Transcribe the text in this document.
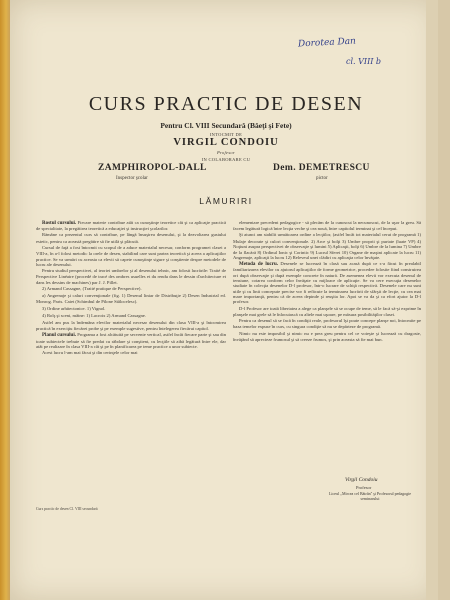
Dorotea Dan
cl. VIII b
CURS PRACTIC DE DESEN
Pentru Cl. VIII Secundară (Băeţi şi Fete)
INTOCMIT DE
VIRGIL CONDOIU
Profesor
IN COLABORARE CU
ZAMPHIROPOL-DALL
Inspector şcolar
Dem. DEMETRESCU
pictor
LĂMURIRI

Rostul cursului. Fiecare materie contribue atât ca cunoştinţe teoretice cât şi ca aplicaţie practică de specialitate, la pregătirea teoretică a educaţiei şi instrucţiei şcolarilor.

Rămâne ca prezentul curs să contribue, pe lângă însuşirea desenului, şi la dezvoltarea gustului estetic, pentru ca această pregătire să fie utilă şi plăcută.

Cursul de faţă a fost întocmit cu scopul de a aduce materialul necesar, conform programei clasei a VIII-a, în a-l folosi metodic la orele de desen, stabilind care sunt partea teoretică şi aceea a aplicaţiilor practice. Se va urmări cu aceasta ca elevii să capete cunoştinţe sigure şi conştiente despre metodele de lucru ale desenului.

Pentru studiul perspectivei, al teoriei umbrelor şi al desenului tehnic, am folosit lucrările: Traité de Perspective Linéaire (procedé de tracé des ombres usuelles et du rendu dans le dessin d'architecture et dans les dessins de machines) par J. J. Pillet.

2) Armand Cassagne, (Traité pratique de Perspective).

a) Angrenaje şi caluri convenţionale (fig. 1) Desenul liniar de Distribuţie 2) Desen Industrial ed. Monrog. Paris. Caiet (Schimbul de Pilone Stâlocelesc).

3) Ordine arhitectonice. 1) Vignol.

4) Rolş şi sceni, mâine: 1) Lacroix 2) Armand Cassagne.

Astfel am pus la îndemâna elevilor materialul necesar desenului din clasa VIII-a şi întocmirea practică în exerciţiu fiecărei probe şi pe exemple sugestive, pentru întelegerea fiecărui capitol.

Planul cursului. Programa a fost alcătuită pe secvente vertical, astfel încât fiecare parte şi sau din toate subiectele trebuie să fie predat cu răbdare şi conştient, cu lecţiile să aibă legătură între ele, dar atât pe realizare în clasa VIII-a cât şi pe în planificarea pe teme practice a unor subiecte.

Acest lucru l-am mai făcut şi din cerinţele celor mai

elementare precedent pedagogice - să plecăm de la cunoscut la necunoscut, de la uşor la greu. Să facem legătură logică între lecţia veche şi cea nouă, între capitolul terminat şi cel început.

Şi atunci am stabilit următoarea ordine a lecţiilor, (astfel încât tot materialul cerut de programă 1) Mulaje decorate şi culori convenţionale. 2) Arce şi bolţi 3) Umbre proprii şi purtate (luate VP) 4) Noţiuni asupra perspectivei de observaţie şi lumini 5) Aplicaţii, bolţi 6) Umbre de la lumina 7) Umbre de la flacără 8) Ordinul Ionic şi Corintic 9) Lucrul Sferei 10) Organe de maşini aplicate la lucru 11) Angrenaje, aplicaţii la lucru 12) Releveul unei clădiri cu aplicaţia celor învăţate.

Metoda de lucru. Desenele se lucrează în clasă sau acasă după ce s-a făcut în prealabil familiarizarea elevilor cu ajutorul aplicaţiilor de forme geometrice, procedee folosite fiind construirea ori după observaţie şi după exemple concrete în natură. De asemenea elevii vor executa desenul de tensiune, cotarea conform celor învăţate cu mijloace de aplicaţie. Se va cere execuţia desenelor studiate în colecţia desenelor D-l profesor, într-o lucrare de schiţă respectivă. Desenele care nu sunt utile şi cu linii concepute precise vor fi refăcute la terminarea lucrării de sfârşit de lecţie, cu cea mai mare importanţă, pentru că de aceea depinde şi reuşita lor. Apoi se va da şi ca efort ajutor la D-l profesor.

D-l Profesor are toată libertatea a alege ca planşele să se ocupe de teme, să le facă să-şi exprime în planşele mai grele să le înlocuiască cu altele mai uşoare, pe măsura posibilităţilor clasei.

Pentru ca desenul să se facă în condiţii reale, profesorul îşi poate concepe planşe noi, întocmite pe baza temelor expuse în curs, cu singura condiţie să nu se depărteze de programă.

Nimic nu este imposibil şi nimic nu e prea greu pentru cel ce voieşte şi lucrează cu dragoste, învăţând să aprecieze frumosul şi să creeze frumos, şi prin aceasta să fie mai bun.

Virgil Condoiu
Profesor
Liceul „Mircea cel Bătrân" şi Profesorul pedagogie seminarului
Curs practic de desen Cl. VIII secundară
